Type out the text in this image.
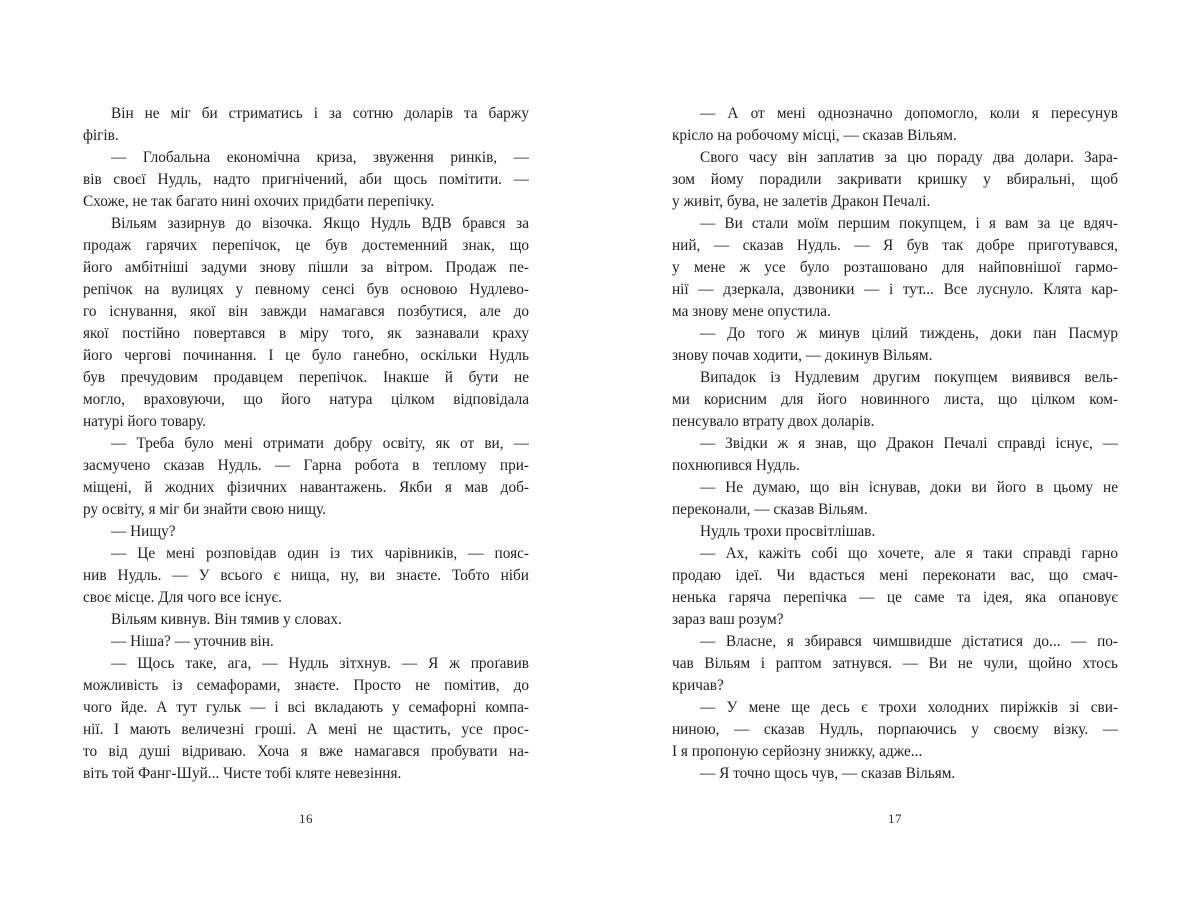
Він не міг би стриматись і за сотню доларів та баржу
фігів.
— Глобальна економічна криза, звуження ринків, —
вів своєї Нудль, надто пригнічений, аби щось помітити. —
Схоже, не так багато нині охочих придбати перепічку.
Вільям зазирнув до візочка. Якщо Нудль ВДВ брався за
продаж гарячих перепічок, це був достеменний знак, що
його амбітніші задуми знову пішли за вітром. Продаж пе-
репічок на вулицях у певному сенсі був основою Нудлево-
го існування, якої він завжди намагався позбутися, але до
якої постійно повертався в міру того, як зазнавали краху
його чергові починання. І це було ганебно, оскільки Нудль
був пречудовим продавцем перепічок. Інакше й бути не
могло, враховуючи, що його натура цілком відповідала
натурі його товару.
— Треба було мені отримати добру освіту, як от ви, —
засмучено сказав Нудль. — Гарна робота в теплому при-
міщені, й жодних фізичних навантажень. Якби я мав доб-
ру освіту, я міг би знайти свою нищу.
— Нищу?
— Це мені розповідав один із тих чарівників, — пояс-
нив Нудль. — У всього є нища, ну, ви знаєте. Тобто ніби
своє місце. Для чого все існує.
Вільям кивнув. Він тямив у словах.
— Ніша? — уточнив він.
— Щось таке, ага, — Нудль зітхнув. — Я ж проґавив
можливість із семафорами, знаєте. Просто не помітив, до
чого йде. А тут гульк — і всі вкладають у семафорні компа-
нії. І мають величезні гроші. А мені не щастить, усе прос-
то від душі відриваю. Хоча я вже намагався пробувати на-
віть той Фанг-Шуй... Чисте тобі кляте невезіння.
16
— А от мені однозначно допомогло, коли я пересунув
крісло на робочому місці, — сказав Вільям.
Свого часу він заплатив за цю пораду два долари. Зара-
зом йому порадили закривати кришку у вбиральні, щоб
у живіт, бува, не залетів Дракон Печалі.
— Ви стали моїм першим покупцем, і я вам за це вдяч-
ний, — сказав Нудль. — Я був так добре приготувався,
у мене ж усе було розташовано для найповнішої гармо-
нії — дзеркала, дзвоники — і тут... Все луснуло. Клята кар-
ма знову мене опустила.
— До того ж минув цілий тиждень, доки пан Пасмур
знову почав ходити, — докинув Вільям.
Випадок із Нудлевим другим покупцем виявився вель-
ми корисним для його новинного листа, що цілком ком-
пенсувало втрату двох доларів.
— Звідки ж я знав, що Дракон Печалі справді існує, —
похнюпився Нудль.
— Не думаю, що він існував, доки ви його в цьому не
переконали, — сказав Вільям.
Нудль трохи просвітлішав.
— Ах, кажіть собі що хочете, але я таки справді гарно
продаю ідеї. Чи вдасться мені переконати вас, що смач-
ненька гаряча перепічка — це саме та ідея, яка опановує
зараз ваш розум?
— Власне, я збирався чимшвидше дістатися до... — по-
чав Вільям і раптом затнувся. — Ви не чули, щойно хтось
кричав?
— У мене ще десь є трохи холодних пиріжків зі сви-
ниною, — сказав Нудль, порпаючись у своєму візку. —
І я пропоную серйозну знижку, адже...
— Я точно щось чув, — сказав Вільям.
17
